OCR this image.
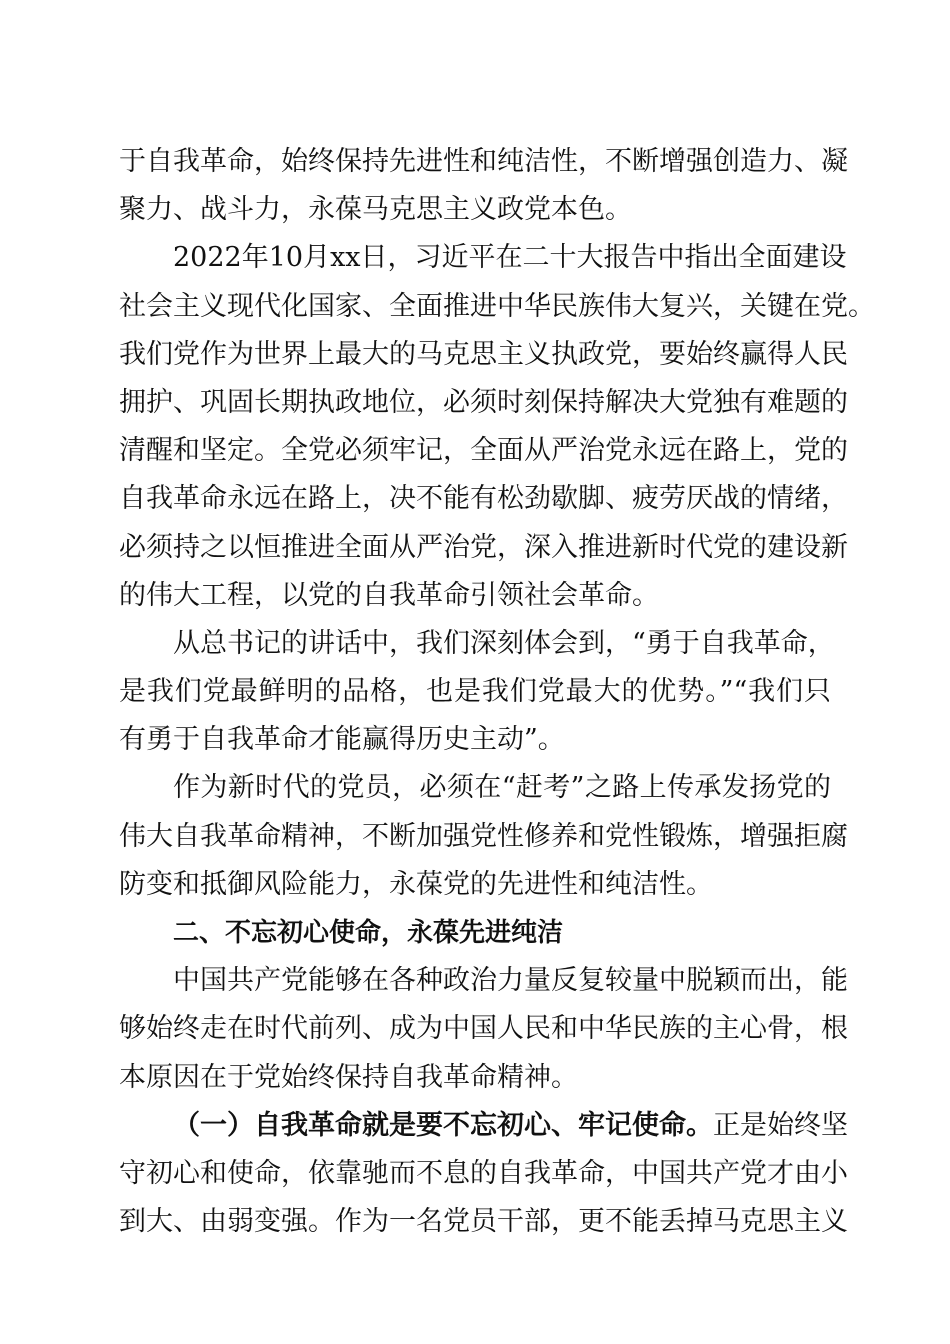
于自我革命，始终保持先进性和纯洁性，不断增强创造力、凝
聚力、战斗力，永葆马克思主义政党本色。
2022年10月xx日，习近平在二十大报告中指出全面建设
社会主义现代化国家、全面推进中华民族伟大复兴，关键在党。
我们党作为世界上最大的马克思主义执政党，要始终赢得人民
拥护、巩固长期执政地位，必须时刻保持解决大党独有难题的
清醒和坚定。全党必须牢记，全面从严治党永远在路上，党的
自我革命永远在路上，决不能有松劲歇脚、疲劳厌战的情绪，
必须持之以恒推进全面从严治党，深入推进新时代党的建设新
的伟大工程，以党的自我革命引领社会革命。
从总书记的讲话中，我们深刻体会到，“勇于自我革命，
是我们党最鲜明的品格，也是我们党最大的优势。”“我们只
有勇于自我革命才能赢得历史主动”。
作为新时代的党员，必须在“赶考”之路上传承发扬党的
伟大自我革命精神，不断加强党性修养和党性锻炼，增强拒腐
防变和抵御风险能力，永葆党的先进性和纯洁性。
二、不忘初心使命，永葆先进纯洁
中国共产党能够在各种政治力量反复较量中脱颖而出，能
够始终走在时代前列、成为中国人民和中华民族的主心骨，根
本原因在于党始终保持自我革命精神。
（一）自我革命就是要不忘初心、牢记使命。正是始终坚
守初心和使命，依靠驰而不息的自我革命，中国共产党才由小
到大、由弱变强。作为一名党员干部，更不能丢掉马克思主义
